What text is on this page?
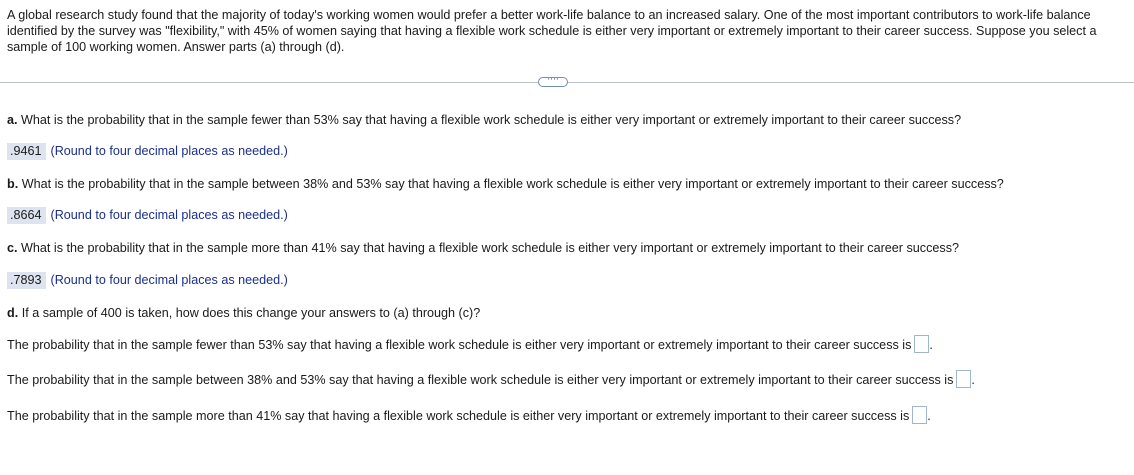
A global research study found that the majority of today's working women would prefer a better work-life balance to an increased salary. One of the most important contributors to work-life balance identified by the survey was "flexibility," with 45% of women saying that having a flexible work schedule is either very important or extremely important to their career success. Suppose you select a sample of 100 working women. Answer parts (a) through (d).

····
a. What is the probability that in the sample fewer than 53% say that having a flexible work schedule is either very important or extremely important to their career success?
.9461 (Round to four decimal places as needed.)
b. What is the probability that in the sample between 38% and 53% say that having a flexible work schedule is either very important or extremely important to their career success?
.8664 (Round to four decimal places as needed.)
c. What is the probability that in the sample more than 41% say that having a flexible work schedule is either very important or extremely important to their career success?
.7893 (Round to four decimal places as needed.)
d. If a sample of 400 is taken, how does this change your answers to (a) through (c)?
The probability that in the sample fewer than 53% say that having a flexible work schedule is either very important or extremely important to their career success is .
The probability that in the sample between 38% and 53% say that having a flexible work schedule is either very important or extremely important to their career success is .
The probability that in the sample more than 41% say that having a flexible work schedule is either very important or extremely important to their career success is .
